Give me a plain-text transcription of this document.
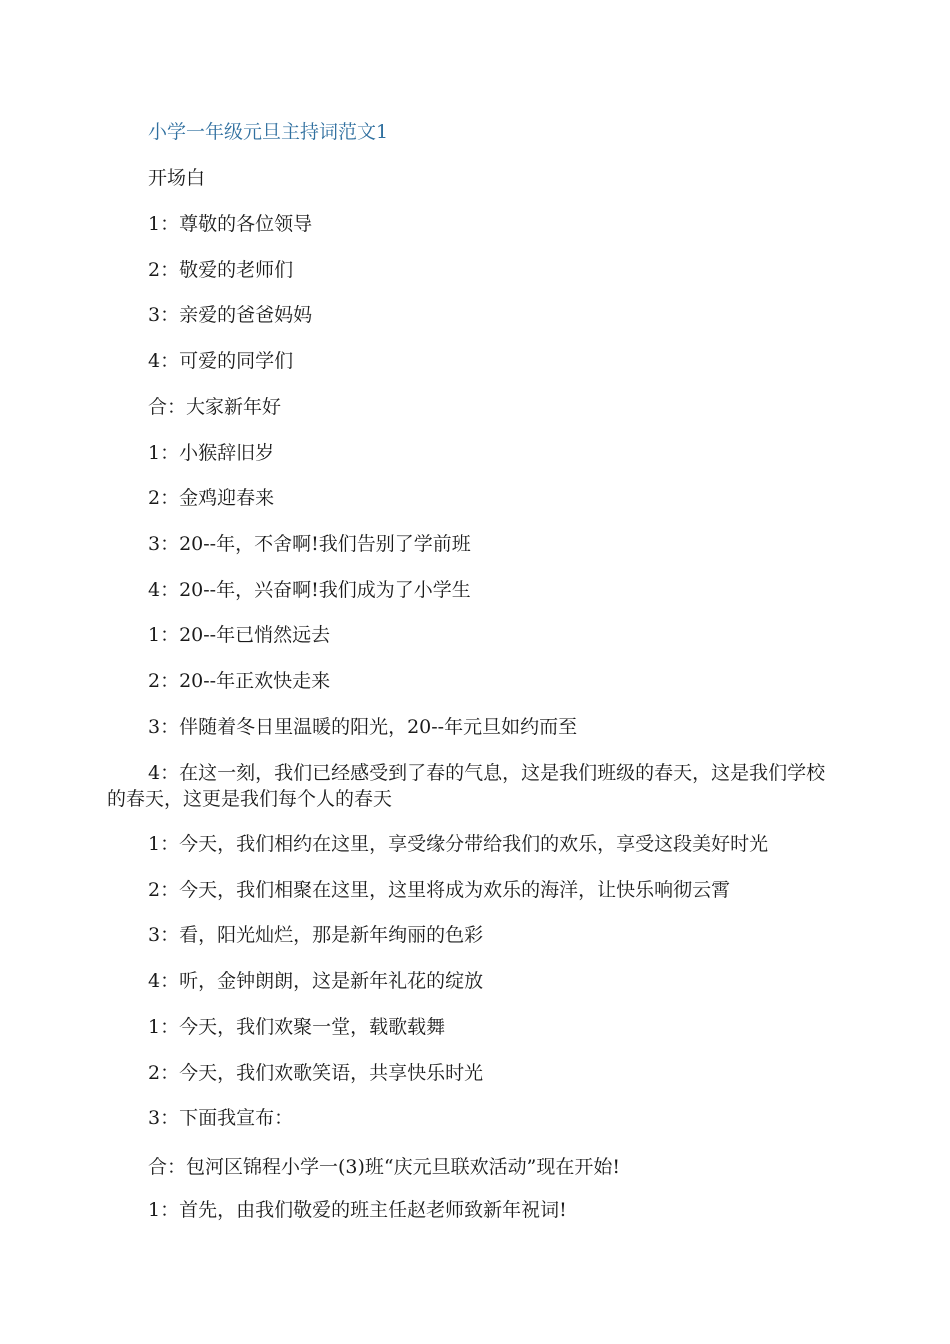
小学一年级元旦主持词范文1
开场白
1：尊敬的各位领导
2：敬爱的老师们
3：亲爱的爸爸妈妈
4：可爱的同学们
合：大家新年好
1：小猴辞旧岁
2：金鸡迎春来
3：20--年，不舍啊!我们告别了学前班
4：20--年，兴奋啊!我们成为了小学生
1：20--年已悄然远去
2：20--年正欢快走来
3：伴随着冬日里温暖的阳光，20--年元旦如约而至
4：在这一刻，我们已经感受到了春的气息，这是我们班级的春天，这是我们学校的春天，这更是我们每个人的春天
1：今天，我们相约在这里，享受缘分带给我们的欢乐，享受这段美好时光
2：今天，我们相聚在这里，这里将成为欢乐的海洋，让快乐响彻云霄
3：看，阳光灿烂，那是新年绚丽的色彩
4：听，金钟朗朗，这是新年礼花的绽放
1：今天，我们欢聚一堂，载歌载舞
2：今天，我们欢歌笑语，共享快乐时光
3：下面我宣布：
合：包河区锦程小学一(3)班“庆元旦联欢活动”现在开始!
1：首先，由我们敬爱的班主任赵老师致新年祝词!
